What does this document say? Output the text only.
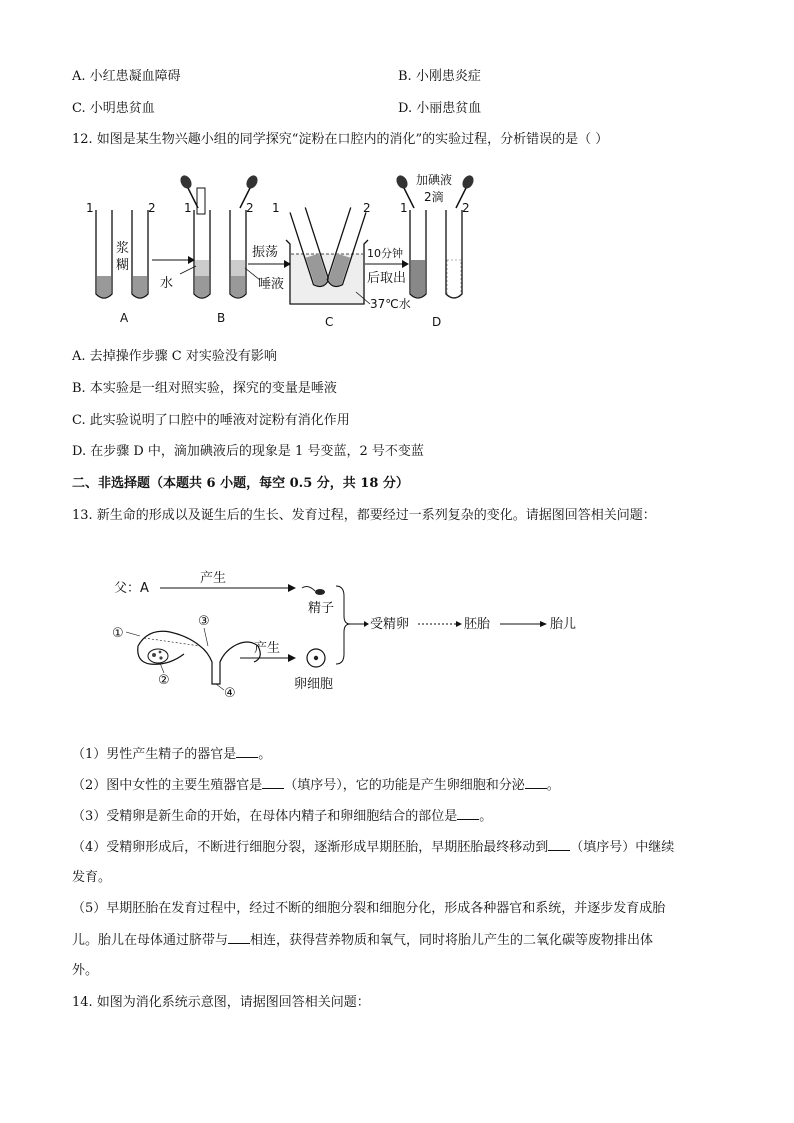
A. 小红患凝血障碍	B. 小刚患炎症
C. 小明患贫血	D. 小丽患贫血
12. 如图是某生物兴趣小组的同学探究“淀粉在口腔内的消化”的实验过程，分析错误的是（ ）
1	2
浆
糊
A
1	2
水	唾液
B
振荡
1	2
C
37℃水
10分钟
后取出
1	2
加碘液
2滴
D
A. 去掉操作步骤 C 对实验没有影响
B. 本实验是一组对照实验，探究的变量是唾液
C. 此实验说明了口腔中的唾液对淀粉有消化作用
D. 在步骤 D 中，滴加碘液后的现象是 1 号变蓝，2 号不变蓝
二、非选择题（本题共 6 小题，每空 0.5 分，共 18 分）
13. 新生命的形成以及诞生后的生长、发育过程，都要经过一系列复杂的变化。请据图回答相关问题：
父：A
产生
精子
①
③
②
④
产生
卵细胞
受精卵	胚胎	胎儿
（1）男性产生精子的器官是 。
（2）图中女性的主要生殖器官是 （填序号），它的功能是产生卵细胞和分泌 。
（3）受精卵是新生命的开始，在母体内精子和卵细胞结合的部位是 。
（4）受精卵形成后，不断进行细胞分裂，逐渐形成早期胚胎，早期胚胎最终移动到 （填序号）中继续
发育。
（5）早期胚胎在发育过程中，经过不断的细胞分裂和细胞分化，形成各种器官和系统，并逐步发育成胎
儿。胎儿在母体通过脐带与 相连，获得营养物质和氧气，同时将胎儿产生的二氧化碳等废物排出体
外。
14. 如图为消化系统示意图，请据图回答相关问题：
